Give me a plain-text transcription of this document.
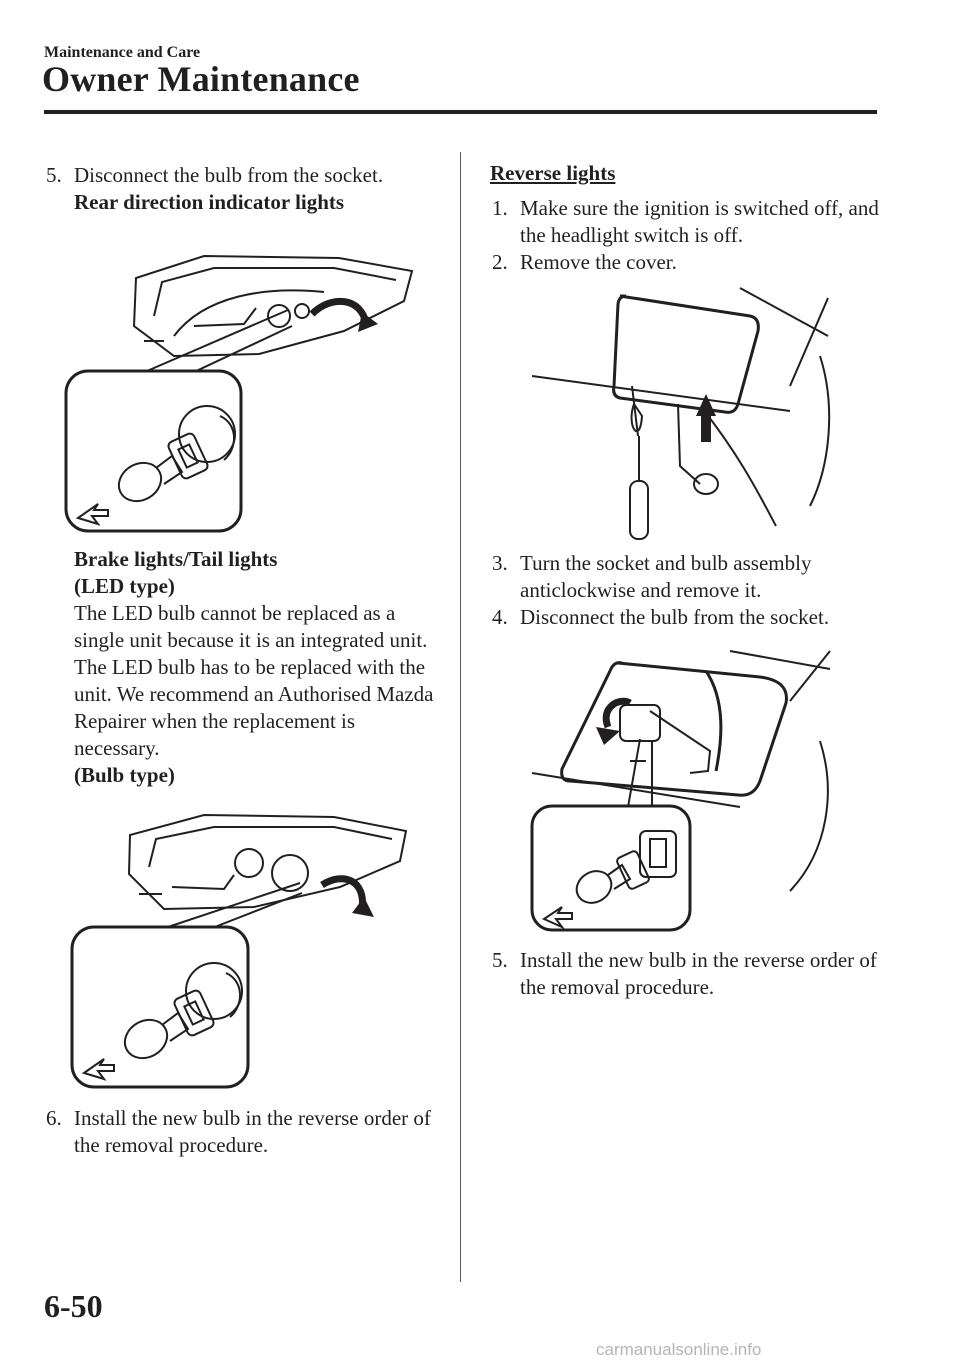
Maintenance and Care
Owner Maintenance
5. Disconnect the bulb from the socket.
Rear direction indicator lights
Brake lights/Tail lights
(LED type)
The LED bulb cannot be replaced as a single unit because it is an integrated unit.
The LED bulb has to be replaced with the unit. We recommend an Authorised Mazda Repairer when the replacement is necessary.
(Bulb type)
6. Install the new bulb in the reverse order of the removal procedure.
Reverse lights
1. Make sure the ignition is switched off, and the headlight switch is off.
2. Remove the cover.
3. Turn the socket and bulb assembly anticlockwise and remove it.
4. Disconnect the bulb from the socket.
5. Install the new bulb in the reverse order of the removal procedure.
6-50
carmanualsonline.info
